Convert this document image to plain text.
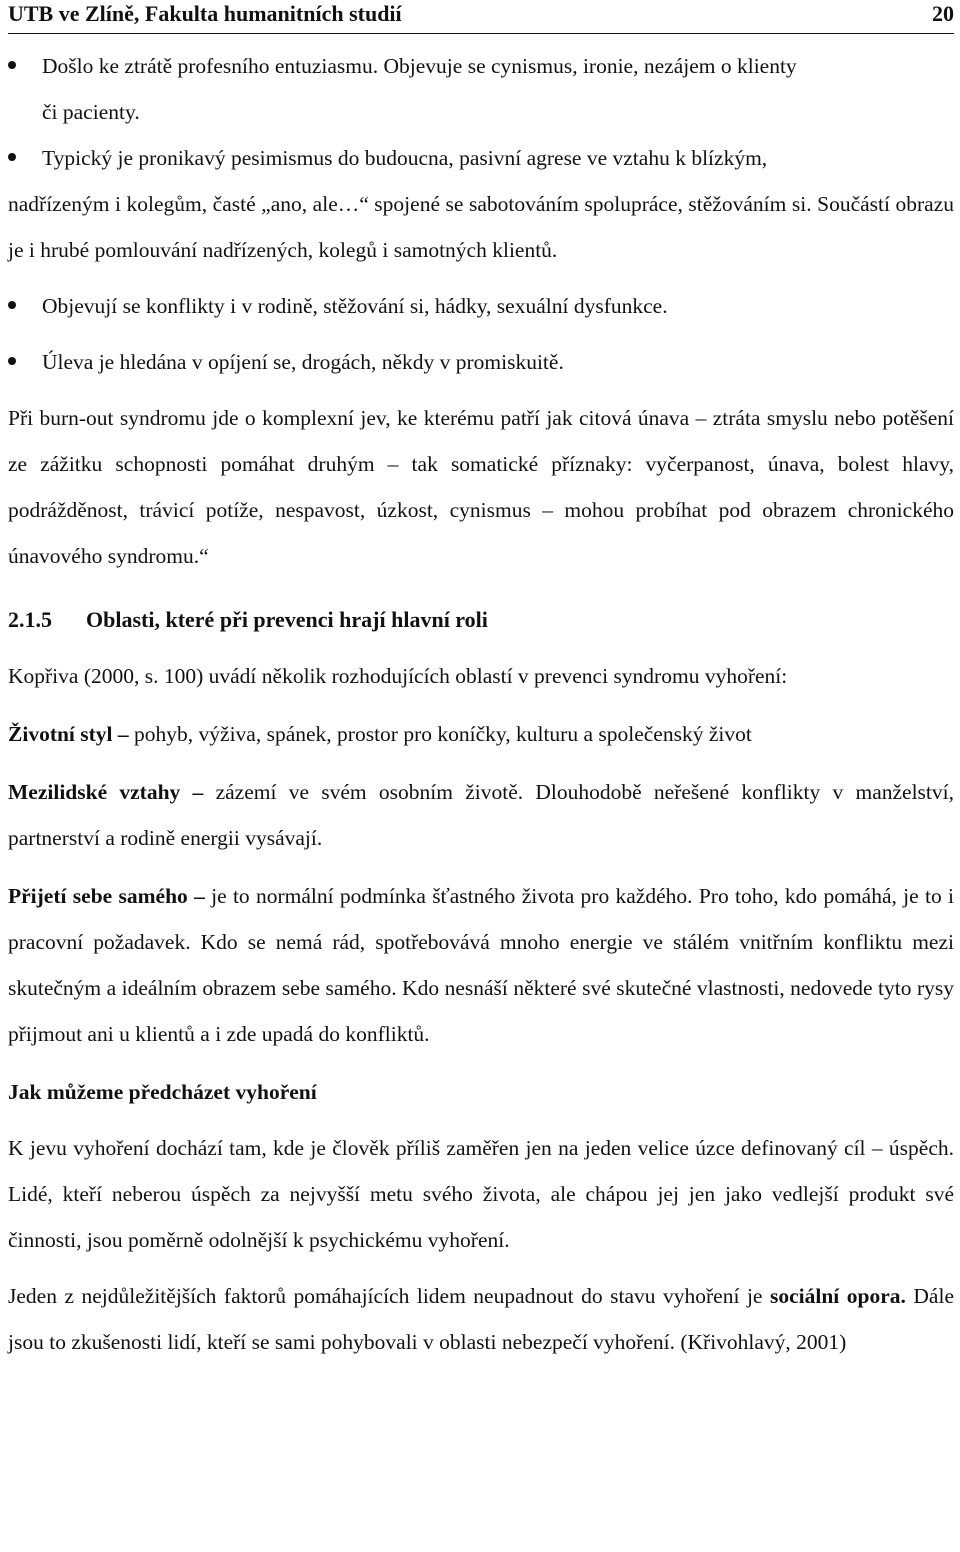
UTB ve Zlíně, Fakulta humanitních studií	20
Došlo ke ztrátě profesního entuziasmu. Objevuje se cynismus, ironie, nezájem o klienty
či pacienty.
Typický je pronikavý pesimismus do budoucna, pasivní agrese ve vztahu k blízkým,
nadřízeným i kolegům, časté „ano, ale…“ spojené se sabotováním spolupráce, stěžováním si. Součástí obrazu je i hrubé pomlouvání nadřízených, kolegů i samotných klientů.
Objevují se konflikty i v rodině, stěžování si, hádky, sexuální dysfunkce.
Úleva je hledána v opíjení se, drogách, někdy v promiskuitě.

Při burn-out syndromu jde o komplexní jev, ke kterému patří jak citová únava – ztráta smyslu nebo potěšení ze zážitku schopnosti pomáhat druhým – tak somatické příznaky: vyčerpanost, únava, bolest hlavy, podrážděnost, trávicí potíže, nespavost, úzkost, cynismus – mohou probíhat pod obrazem chronického únavového syndromu.“

2.1.5 Oblasti, které při prevenci hrají hlavní roli

Kopřiva (2000, s. 100) uvádí několik rozhodujících oblastí v prevenci syndromu vyhoření:

Životní styl – pohyb, výživa, spánek, prostor pro koníčky, kulturu a společenský život

Mezilidské vztahy – zázemí ve svém osobním životě. Dlouhodobě neřešené konflikty v manželství, partnerství a rodině energii vysávají.

Přijetí sebe samého – je to normální podmínka šťastného života pro každého. Pro toho, kdo pomáhá, je to i pracovní požadavek. Kdo se nemá rád, spotřebovává mnoho energie ve stálém vnitřním konfliktu mezi skutečným a ideálním obrazem sebe samého. Kdo nesnáší některé své skutečné vlastnosti, nedovede tyto rysy přijmout ani u klientů a i zde upadá do konfliktů.

Jak můžeme předcházet vyhoření

K jevu vyhoření dochází tam, kde je člověk příliš zaměřen jen na jeden velice úzce definovaný cíl – úspěch. Lidé, kteří neberou úspěch za nejvyšší metu svého života, ale chápou jej jen jako vedlejší produkt své činnosti, jsou poměrně odolnější k psychickému vyhoření.

Jeden z nejdůležitějších faktorů pomáhajících lidem neupadnout do stavu vyhoření je sociální opora. Dále jsou to zkušenosti lidí, kteří se sami pohybovali v oblasti nebezpečí vyhoření. (Křivohlavý, 2001)
